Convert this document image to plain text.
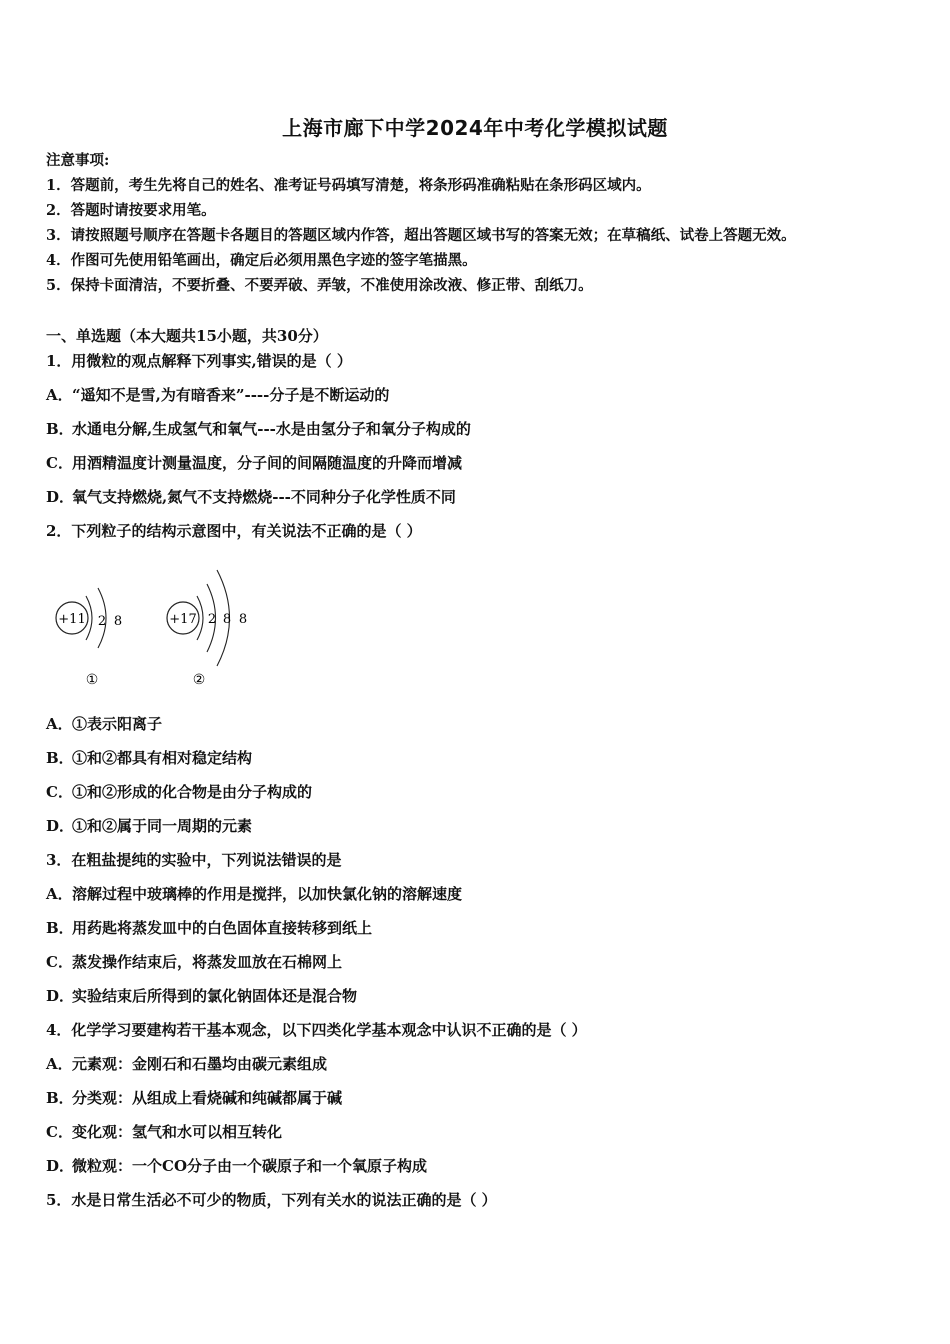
上海市廊下中学2024年中考化学模拟试题
注意事项:
1．答题前，考生先将自己的姓名、准考证号码填写清楚，将条形码准确粘贴在条形码区域内。
2．答题时请按要求用笔。
3．请按照题号顺序在答题卡各题目的答题区域内作答，超出答题区域书写的答案无效；在草稿纸、试卷上答题无效。
4．作图可先使用铅笔画出，确定后必须用黑色字迹的签字笔描黑。
5．保持卡面清洁，不要折叠、不要弄破、弄皱，不准使用涂改液、修正带、刮纸刀。
一、单选题（本大题共15小题，共30分）
1．用微粒的观点解释下列事实,错误的是（ ）
A．“遥知不是雪,为有暗香来”----分子是不断运动的
B．水通电分解,生成氢气和氧气---水是由氢分子和氧分子构成的
C．用酒精温度计测量温度，分子间的间隔随温度的升降而增减
D．氧气支持燃烧,氮气不支持燃烧---不同种分子化学性质不同
2．下列粒子的结构示意图中，有关说法不正确的是（ ）
+11 2 8
①
+17 2 8 8
②
A．①表示阳离子
B．①和②都具有相对稳定结构
C．①和②形成的化合物是由分子构成的
D．①和②属于同一周期的元素
3．在粗盐提纯的实验中，下列说法错误的是
A．溶解过程中玻璃棒的作用是搅拌，以加快氯化钠的溶解速度
B．用药匙将蒸发皿中的白色固体直接转移到纸上
C．蒸发操作结束后，将蒸发皿放在石棉网上
D．实验结束后所得到的氯化钠固体还是混合物
4．化学学习要建构若干基本观念，以下四类化学基本观念中认识不正确的是（ ）
A．元素观：金刚石和石墨均由碳元素组成
B．分类观：从组成上看烧碱和纯碱都属于碱
C．变化观：氢气和水可以相互转化
D．微粒观：一个CO分子由一个碳原子和一个氧原子构成
5．水是日常生活必不可少的物质，下列有关水的说法正确的是（ ）
